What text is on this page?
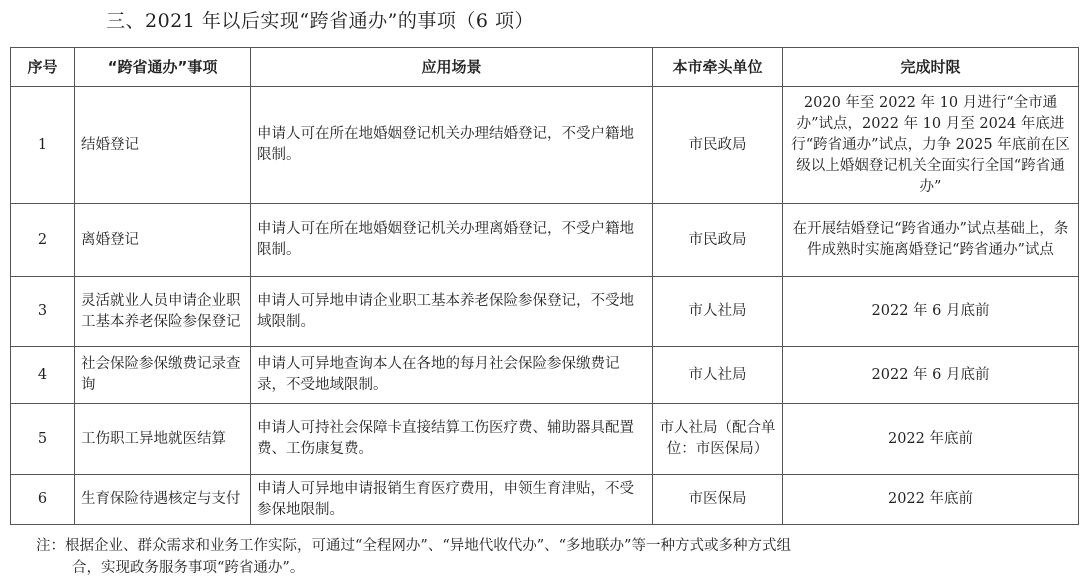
三、2021 年以后实现“跨省通办”的事项（6 项）
序号	“跨省通办”事项	应用场景	本市牵头单位	完成时限
1	结婚登记	申请人可在所在地婚姻登记机关办理结婚登记，不受户籍地限制。	市民政局	2020 年至 2022 年 10 月进行“全市通办”试点，2022 年 10 月至 2024 年底进行“跨省通办”试点，力争 2025 年底前在区级以上婚姻登记机关全面实行全国“跨省通办”
2	离婚登记	申请人可在所在地婚姻登记机关办理离婚登记，不受户籍地限制。	市民政局	在开展结婚登记“跨省通办”试点基础上，条件成熟时实施离婚登记“跨省通办”试点
3	灵活就业人员申请企业职工基本养老保险参保登记	申请人可异地申请企业职工基本养老保险参保登记，不受地域限制。	市人社局	2022 年 6 月底前
4	社会保险参保缴费记录查询	申请人可异地查询本人在各地的每月社会保险参保缴费记录，不受地域限制。	市人社局	2022 年 6 月底前
5	工伤职工异地就医结算	申请人可持社会保障卡直接结算工伤医疗费、辅助器具配置费、工伤康复费。	市人社局（配合单位：市医保局）	2022 年底前
6	生育保险待遇核定与支付	申请人可异地申请报销生育医疗费用，申领生育津贴，不受参保地限制。	市医保局	2022 年底前
注：根据企业、群众需求和业务工作实际，可通过“全程网办”、“异地代收代办”、“多地联办”等一种方式或多种方式组
合，实现政务服务事项“跨省通办”。
